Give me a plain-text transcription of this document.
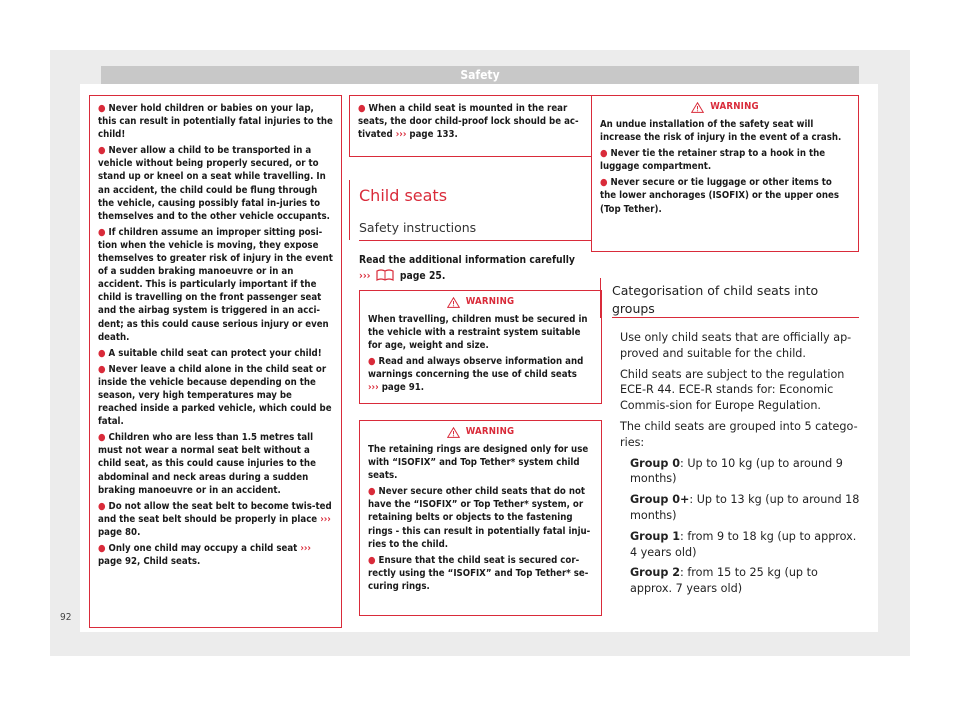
Safety

● Never hold children or babies on your lap, this can result in potentially fatal injuries to the child!

● Never allow a child to be transported in a vehicle without being properly secured, or to stand up or kneel on a seat while travelling. In an accident, the child could be flung through the vehicle, causing possibly fatal in-juries to themselves and to the other vehicle occupants.

● If children assume an improper sitting posi-tion when the vehicle is moving, they expose themselves to greater risk of injury in the event of a sudden braking manoeuvre or in an accident. This is particularly important if the child is travelling on the front passenger seat and the airbag system is triggered in an acci-dent; as this could cause serious injury or even death.

● A suitable child seat can protect your child!

● Never leave a child alone in the child seat or inside the vehicle because depending on the season, very high temperatures may be reached inside a parked vehicle, which could be fatal.

● Children who are less than 1.5 metres tall must not wear a normal seat belt without a child seat, as this could cause injuries to the abdominal and neck areas during a sudden braking manoeuvre or in an accident.

● Do not allow the seat belt to become twis-ted and the seat belt should be properly in place ››› page 80.

● Only one child may occupy a child seat ››› page 92, Child seats.

● When a child seat is mounted in the rear seats, the door child-proof lock should be ac-tivated ››› page 133.

Child seats
Safety instructions
Read the additional information carefully
›››	page 25.
WARNING

When travelling, children must be secured in the vehicle with a restraint system suitable for age, weight and size.

● Read and always observe information and warnings concerning the use of child seats
››› page 91.

WARNING

The retaining rings are designed only for use with “ISOFIX” and Top Tether* system child seats.

● Never secure other child seats that do not have the “ISOFIX” or Top Tether* system, or retaining belts or objects to the fastening rings - this can result in potentially fatal inju-ries to the child.

● Ensure that the child seat is secured cor-rectly using the “ISOFIX” and Top Tether* se-curing rings.

WARNING

An undue installation of the safety seat will increase the risk of injury in the event of a crash.

● Never tie the retainer strap to a hook in the luggage compartment.

● Never secure or tie luggage or other items to the lower anchorages (ISOFIX) or the upper ones (Top Tether).

Categorisation of child seats into groups

Use only child seats that are officially ap-proved and suitable for the child.

Child seats are subject to the regulation ECE-R 44. ECE-R stands for: Economic Commis-sion for Europe Regulation.

The child seats are grouped into 5 catego-ries:

Group 0: Up to 10 kg (up to around 9 months)
Group 0+: Up to 13 kg (up to around 18 months)
Group 1: from 9 to 18 kg (up to approx. 4 years old)
Group 2: from 15 to 25 kg (up to approx. 7 years old)
92
